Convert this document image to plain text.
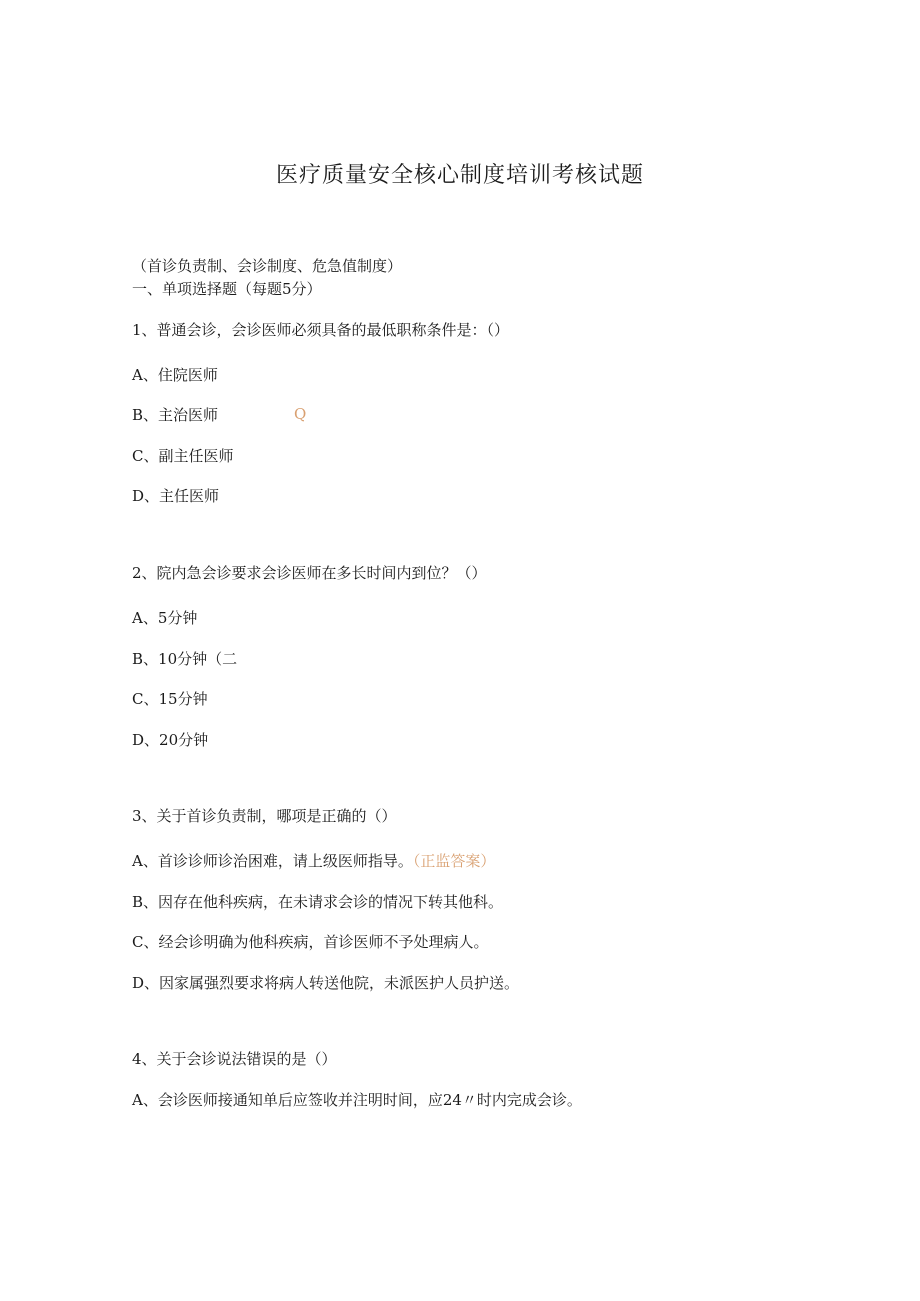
医疗质量安全核心制度培训考核试题
（首诊负责制、会诊制度、危急值制度）
一、单项选择题（每题5分）
1、普通会诊，会诊医师必须具备的最低职称条件是：（）
A、住院医师
B、主治医师	Q
C、副主任医师
D、主任医师
2、院内急会诊要求会诊医师在多长时间内到位？（）
A、5分钟
B、10分钟（二
C、15分钟
D、20分钟
3、关于首诊负责制，哪项是正确的（）
A、首诊诊师诊治困难，请上级医师指导。（正监答案）
B、因存在他科疾病，在未请求会诊的情况下转其他科。
C、经会诊明确为他科疾病，首诊医师不予处理病人。
D、因家属强烈要求将病人转送他院，未派医护人员护送。
4、关于会诊说法错误的是（）
A、会诊医师接通知单后应签收并注明时间，应24〃时内完成会诊。
